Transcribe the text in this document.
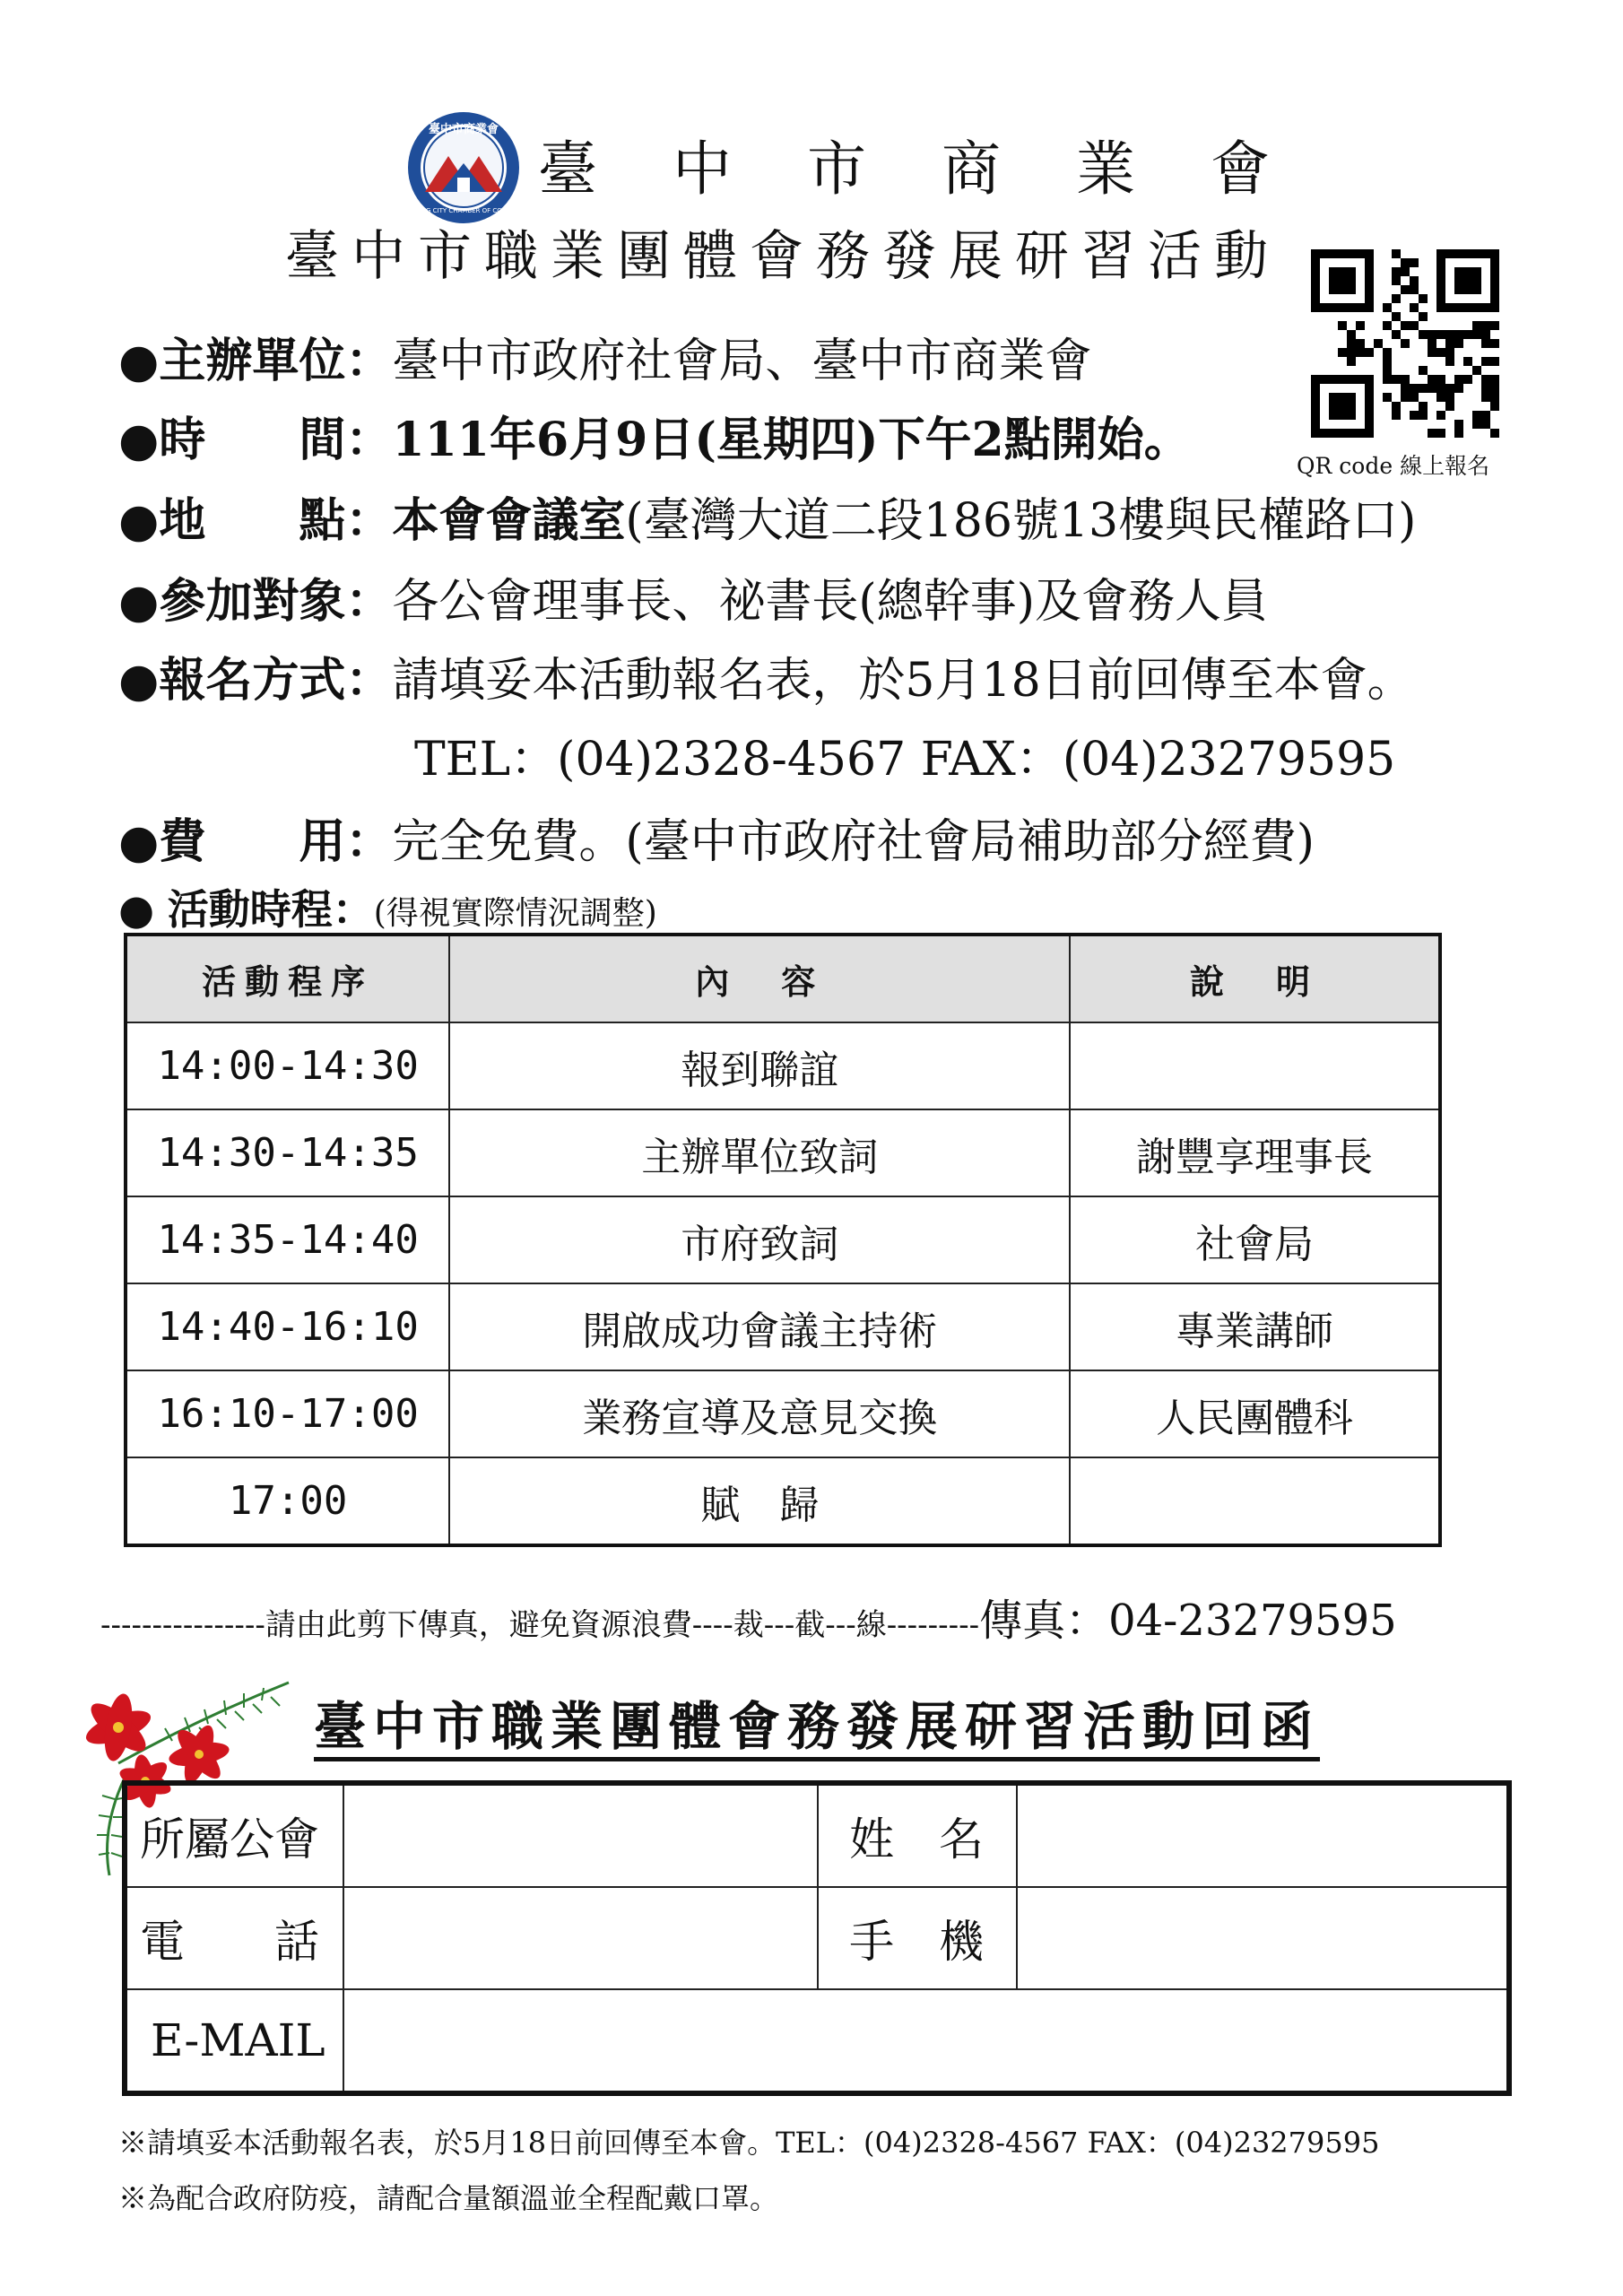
臺中市商業會
TAICHUNG CITY CHAMBER OF COMMERCE
臺中市商業會
臺中市職業團體會務發展研習活動
QR code 線上報名
●主辦單位：臺中市政府社會局、臺中市商業會
●時　　間：111年6月9日(星期四)下午2點開始。
●地　　點：本會會議室(臺灣大道二段186號13樓與民權路口)
●參加對象：各公會理事長、祕書長(總幹事)及會務人員
●報名方式：請填妥本活動報名表，於5月18日前回傳至本會。
TEL：(04)2328-4567 FAX：(04)23279595
●費　　用：完全免費。(臺中市政府社會局補助部分經費)
● 活動時程：(得視實際情況調整)
活動程序	內　容	說　明
14:00-14:30	報到聯誼	
14:30-14:35	主辦單位致詞	謝豐享理事長
14:35-14:40	市府致詞	社會局
14:40-16:10	開啟成功會議主持術	專業講師
16:10-17:00	業務宣導及意見交換	人民團體科
17:00	賦　歸	
----------------請由此剪下傳真，避免資源浪費----裁---截---線---------傳真：04-23279595
臺中市職業團體會務發展研習活動回函
所屬公會		姓　名	
電　　話		手　機	
E-MAIL			
※請填妥本活動報名表，於5月18日前回傳至本會。TEL：(04)2328-4567 FAX：(04)23279595
※為配合政府防疫，請配合量額溫並全程配戴口罩。
